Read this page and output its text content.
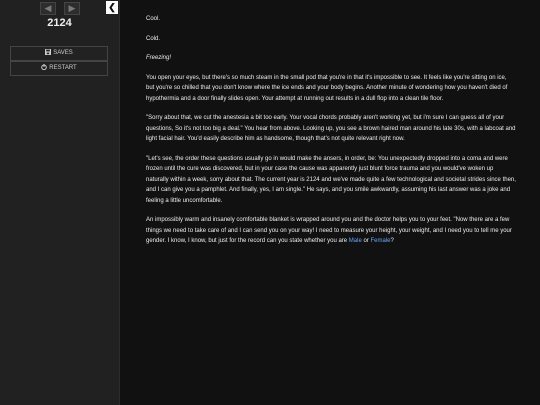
◀	▶	❮
2124
SAVES
RESTART

Cool.

Cold.

Freezing!

You open your eyes, but there's so much steam in the small pod that you're in that it's impossible to see. It feels like you're sitting on ice, but you're so chilled that you don't know where the ice ends and your body begins. Another minute of wondering how you haven't died of hypothermia and a door finally slides open. Your attempt at running out results in a dull flop into a clean tile floor.

"Sorry about that, we cut the anestesia a bit too early. Your vocal chords probably aren't working yet, but i'm sure I can guess all of your questions, So it's not too big a deal." You hear from above. Looking up, you see a brown haired man around his late 30s, with a labcoat and light facial hair. You'd easily describe him as handsome, though that's not quite relevant right now.

"Let's see, the order these questions usually go in would make the ansers, in order, be: You unexpectedly dropped into a coma and were frozen until the cure was discovered, but in your case the cause was apparently just blunt force trauma and you would've woken up naturally within a week, sorry about that. The current year is 2124 and we've made quite a few technological and societal strides since then, and I can give you a pamphlet. And finally, yes, I am single." He says, and you smile awkwardly, assuming his last answer was a joke and feeling a little uncomfortable.

An impossibly warm and insanely comfortable blanket is wrapped around you and the doctor helps you to your feet. "Now there are a few things we need to take care of and I can send you on your way! I need to measure your height, your weight, and I need you to tell me your gender. I know, I know, but just for the record can you state whether you are Male or Female?
